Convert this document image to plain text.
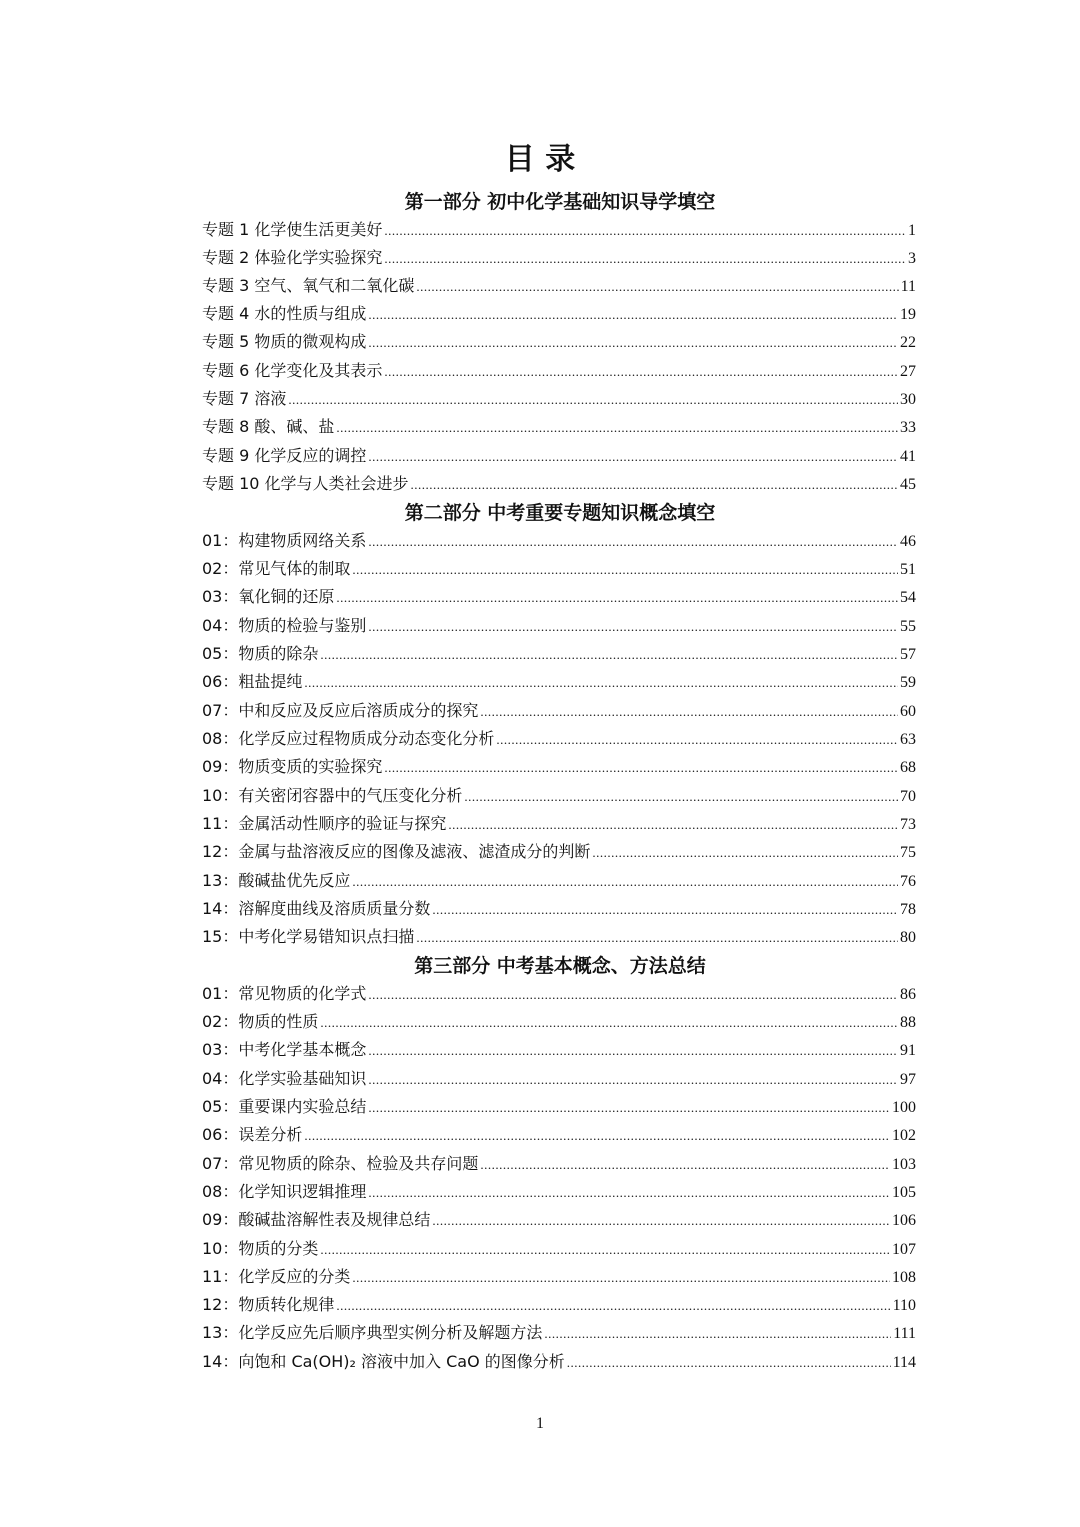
目 录
第一部分 初中化学基础知识导学填空
专题 1 化学使生活更美好 .....	1
专题 2 体验化学实验探究 .....	3
专题 3 空气、氧气和二氧化碳 .....	11
专题 4 水的性质与组成 .....	19
专题 5 物质的微观构成 .....	22
专题 6 化学变化及其表示 .....	27
专题 7 溶液 .....	30
专题 8 酸、碱、盐 .....	33
专题 9 化学反应的调控 .....	41
专题 10 化学与人类社会进步 .....	45
第二部分 中考重要专题知识概念填空
01：构建物质网络关系 .....	46
02：常见气体的制取 .....	51
03：氧化铜的还原 .....	54
04：物质的检验与鉴别 .....	55
05：物质的除杂 .....	57
06：粗盐提纯 .....	59
07：中和反应及反应后溶质成分的探究 .....	60
08：化学反应过程物质成分动态变化分析 .....	63
09：物质变质的实验探究 .....	68
10：有关密闭容器中的气压变化分析 .....	70
11：金属活动性顺序的验证与探究 .....	73
12：金属与盐溶液反应的图像及滤液、滤渣成分的判断 .....	75
13：酸碱盐优先反应 .....	76
14：溶解度曲线及溶质质量分数 .....	78
15：中考化学易错知识点扫描 .....	80
第三部分 中考基本概念、方法总结
01：常见物质的化学式 .....	86
02：物质的性质 .....	88
03：中考化学基本概念 .....	91
04：化学实验基础知识 .....	97
05：重要课内实验总结 .....	100
06：误差分析 .....	102
07：常见物质的除杂、检验及共存问题 .....	103
08：化学知识逻辑推理 .....	105
09：酸碱盐溶解性表及规律总结 .....	106
10：物质的分类 .....	107
11：化学反应的分类 .....	108
12：物质转化规律 .....	110
13：化学反应先后顺序典型实例分析及解题方法 .....	111
14：向饱和 Ca(OH)₂ 溶液中加入 CaO 的图像分析 .....	114
1
